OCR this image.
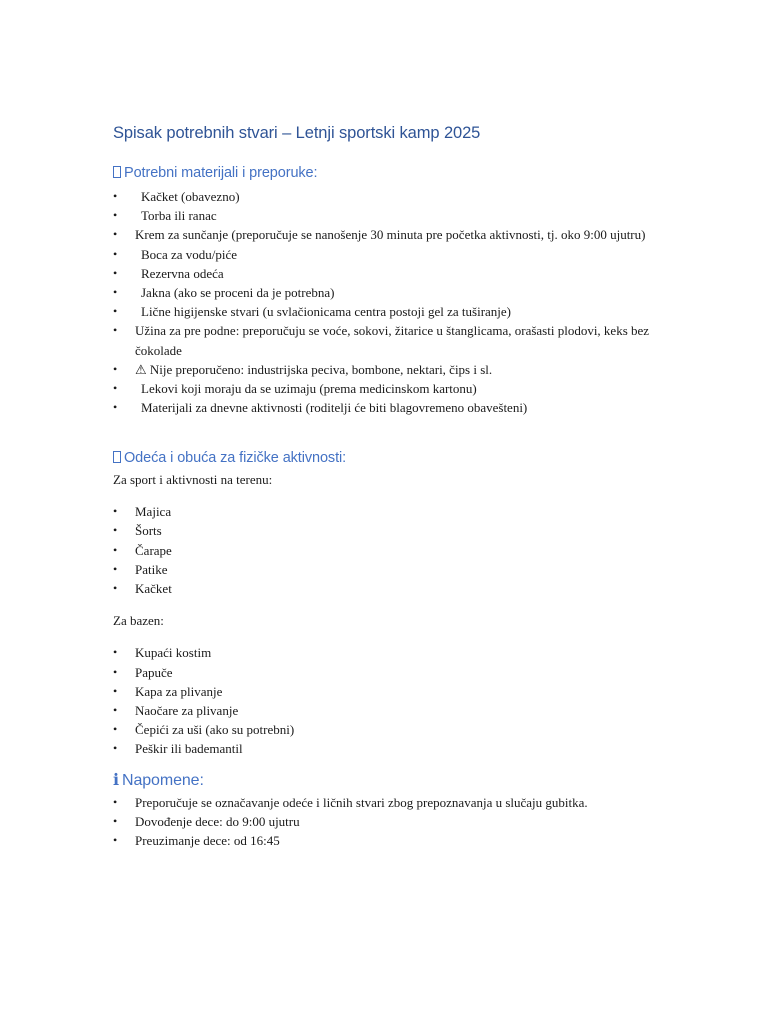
Spisak potrebnih stvari – Letnji sportski kamp 2025
Potrebni materijali i preporuke:
• Kačket (obavezno)
• Torba ili ranac
• Krem za sunčanje (preporučuje se nanošenje 30 minuta pre početka aktivnosti, tj. oko 9:00 ujutru)
• Boca za vodu/piće
• Rezervna odeća
• Jakna (ako se proceni da je potrebna)
• Lične higijenske stvari (u svlačionicama centra postoji gel za tuširanje)
• Užina za pre podne: preporučuju se voće, sokovi, žitarice u štanglicama, orašasti plodovi, keks bez čokolade
• ⚠ Nije preporučeno: industrijska peciva, bombone, nektari, čips i sl.
• Lekovi koji moraju da se uzimaju (prema medicinskom kartonu)
• Materijali za dnevne aktivnosti (roditelji će biti blagovremeno obavešteni)
Odeća i obuća za fizičke aktivnosti:

Za sport i aktivnosti na terenu:

• Majica
• Šorts
• Čarape
• Patike
• Kačket

Za bazen:

• Kupaći kostim
• Papuče
• Kapa za plivanje
• Naočare za plivanje
• Čepići za uši (ako su potrebni)
• Peškir ili bademantil
ℹ Napomene:
• Preporučuje se označavanje odeće i ličnih stvari zbog prepoznavanja u slučaju gubitka.
• Dovođenje dece: do 9:00 ujutru
• Preuzimanje dece: od 16:45
